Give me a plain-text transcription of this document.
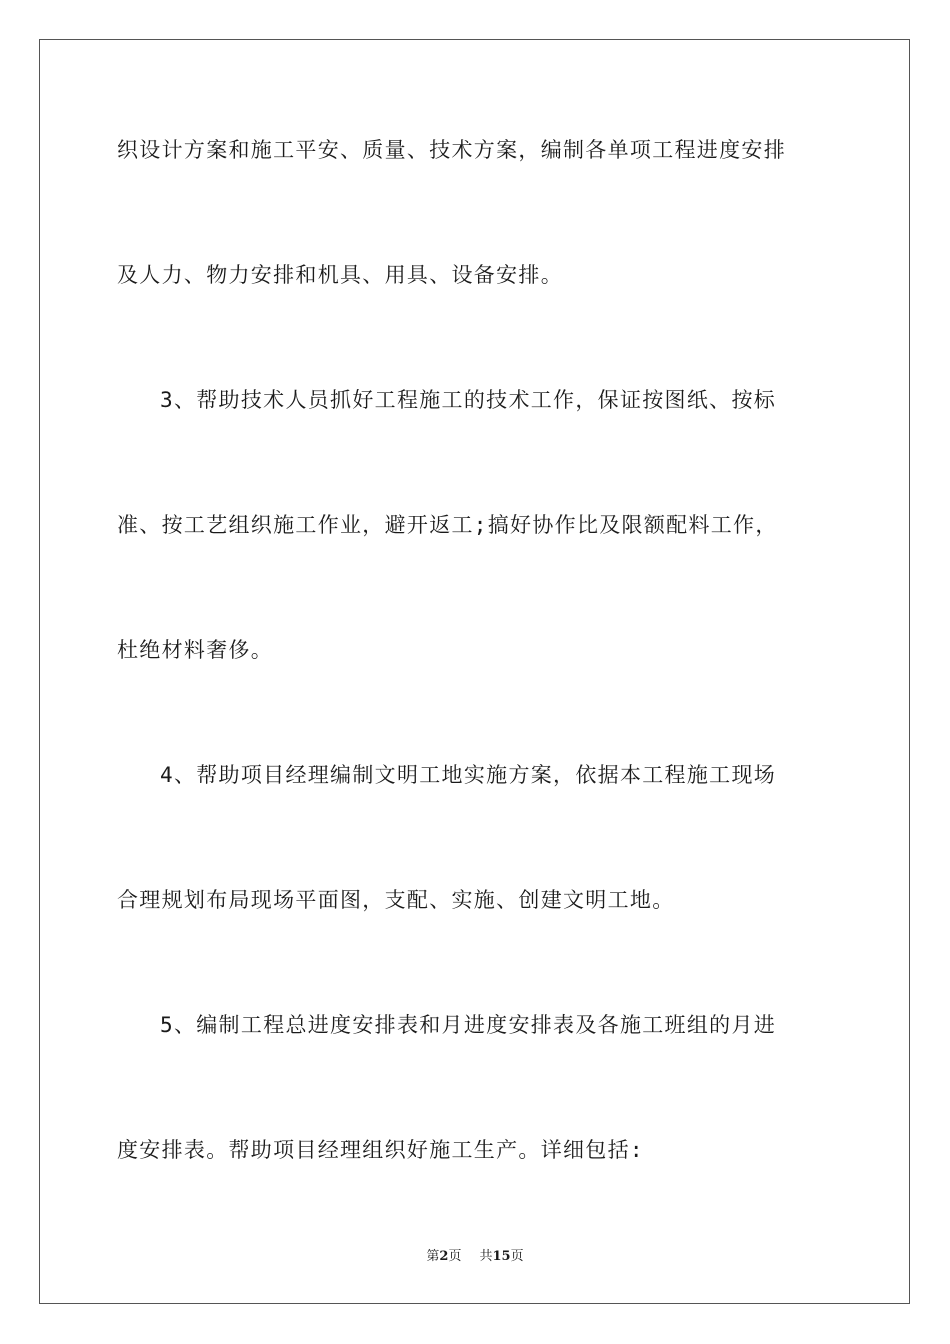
织设计方案和施工平安、质量、技术方案，编制各单项工程进度安排
及人力、物力安排和机具、用具、设备安排。
3、帮助技术人员抓好工程施工的技术工作，保证按图纸、按标
准、按工艺组织施工作业，避开返工;搞好协作比及限额配料工作，
杜绝材料奢侈。
4、帮助项目经理编制文明工地实施方案，依据本工程施工现场
合理规划布局现场平面图，支配、实施、创建文明工地。
5、编制工程总进度安排表和月进度安排表及各施工班组的月进
度安排表。帮助项目经理组织好施工生产。详细包括:
第2页 共15页
